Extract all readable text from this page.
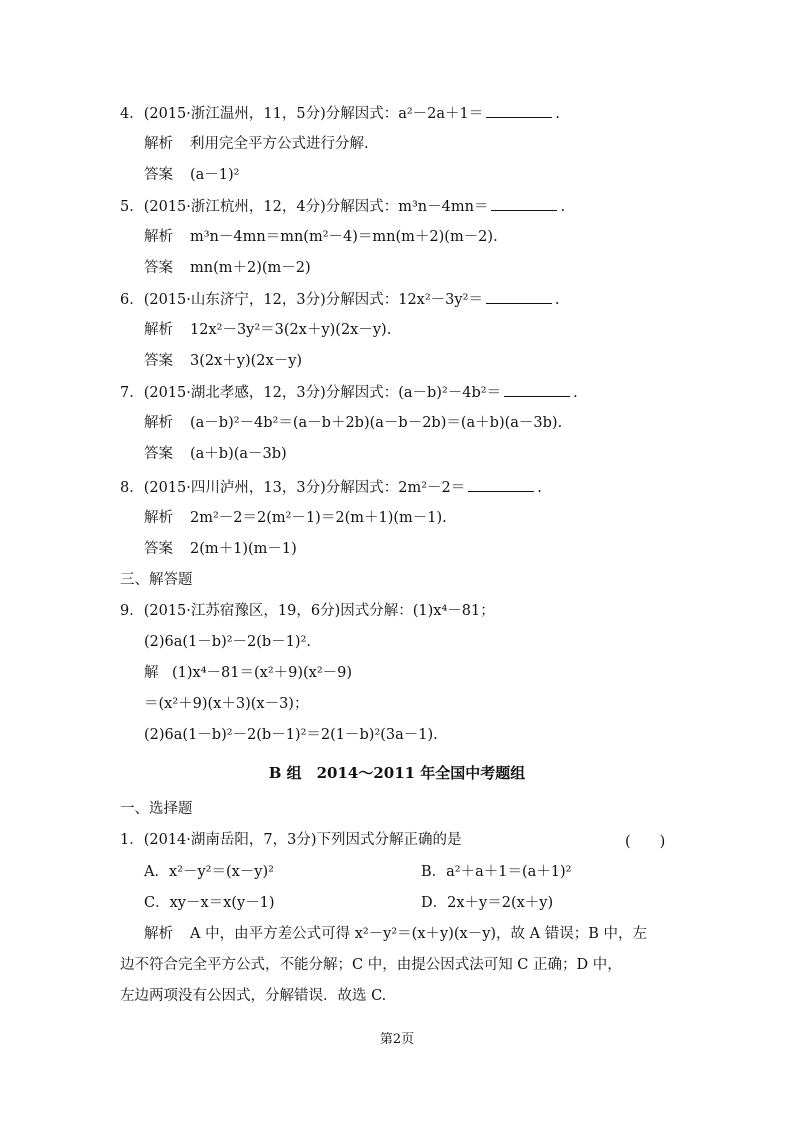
4．(2015·浙江温州，11，5分)分解因式：a²－2a＋1＝	.
解析 利用完全平方公式进行分解.
答案 (a－1)²
5．(2015·浙江杭州，12，4分)分解因式：m³n－4mn＝	.
解析 m³n－4mn＝mn(m²－4)＝mn(m＋2)(m－2).
答案 mn(m＋2)(m－2)
6．(2015·山东济宁，12，3分)分解因式：12x²－3y²＝	.
解析 12x²－3y²＝3(2x＋y)(2x－y).
答案 3(2x＋y)(2x－y)
7．(2015·湖北孝感，12，3分)分解因式：(a－b)²－4b²＝	.
解析 (a－b)²－4b²＝(a－b＋2b)(a－b－2b)＝(a＋b)(a－3b).
答案 (a＋b)(a－3b)
8．(2015·四川泸州，13，3分)分解因式：2m²－2＝	.
解析 2m²－2＝2(m²－1)＝2(m＋1)(m－1).
答案 2(m＋1)(m－1)
三、解答题
9．(2015·江苏宿豫区，19，6分)因式分解：(1)x⁴－81；
(2)6a(1－b)²－2(b－1)².
解 (1)x⁴－81＝(x²＋9)(x²－9)
＝(x²＋9)(x＋3)(x－3)；
(2)6a(1－b)²－2(b－1)²＝2(1－b)²(3a－1).
B 组　2014～2011 年全国中考题组
一、选择题
1．(2014·湖南岳阳，7，3分)下列因式分解正确的是	(　　)
A．x²－y²＝(x－y)²	B．a²＋a＋1＝(a＋1)²
C．xy－x＝x(y－1)	D．2x＋y＝2(x＋y)
解析 A 中，由平方差公式可得 x²－y²＝(x＋y)(x－y)，故 A 错误；B 中，左
边不符合完全平方公式，不能分解；C 中，由提公因式法可知 C 正确；D 中，
左边两项没有公因式，分解错误．故选 C.
第2页
